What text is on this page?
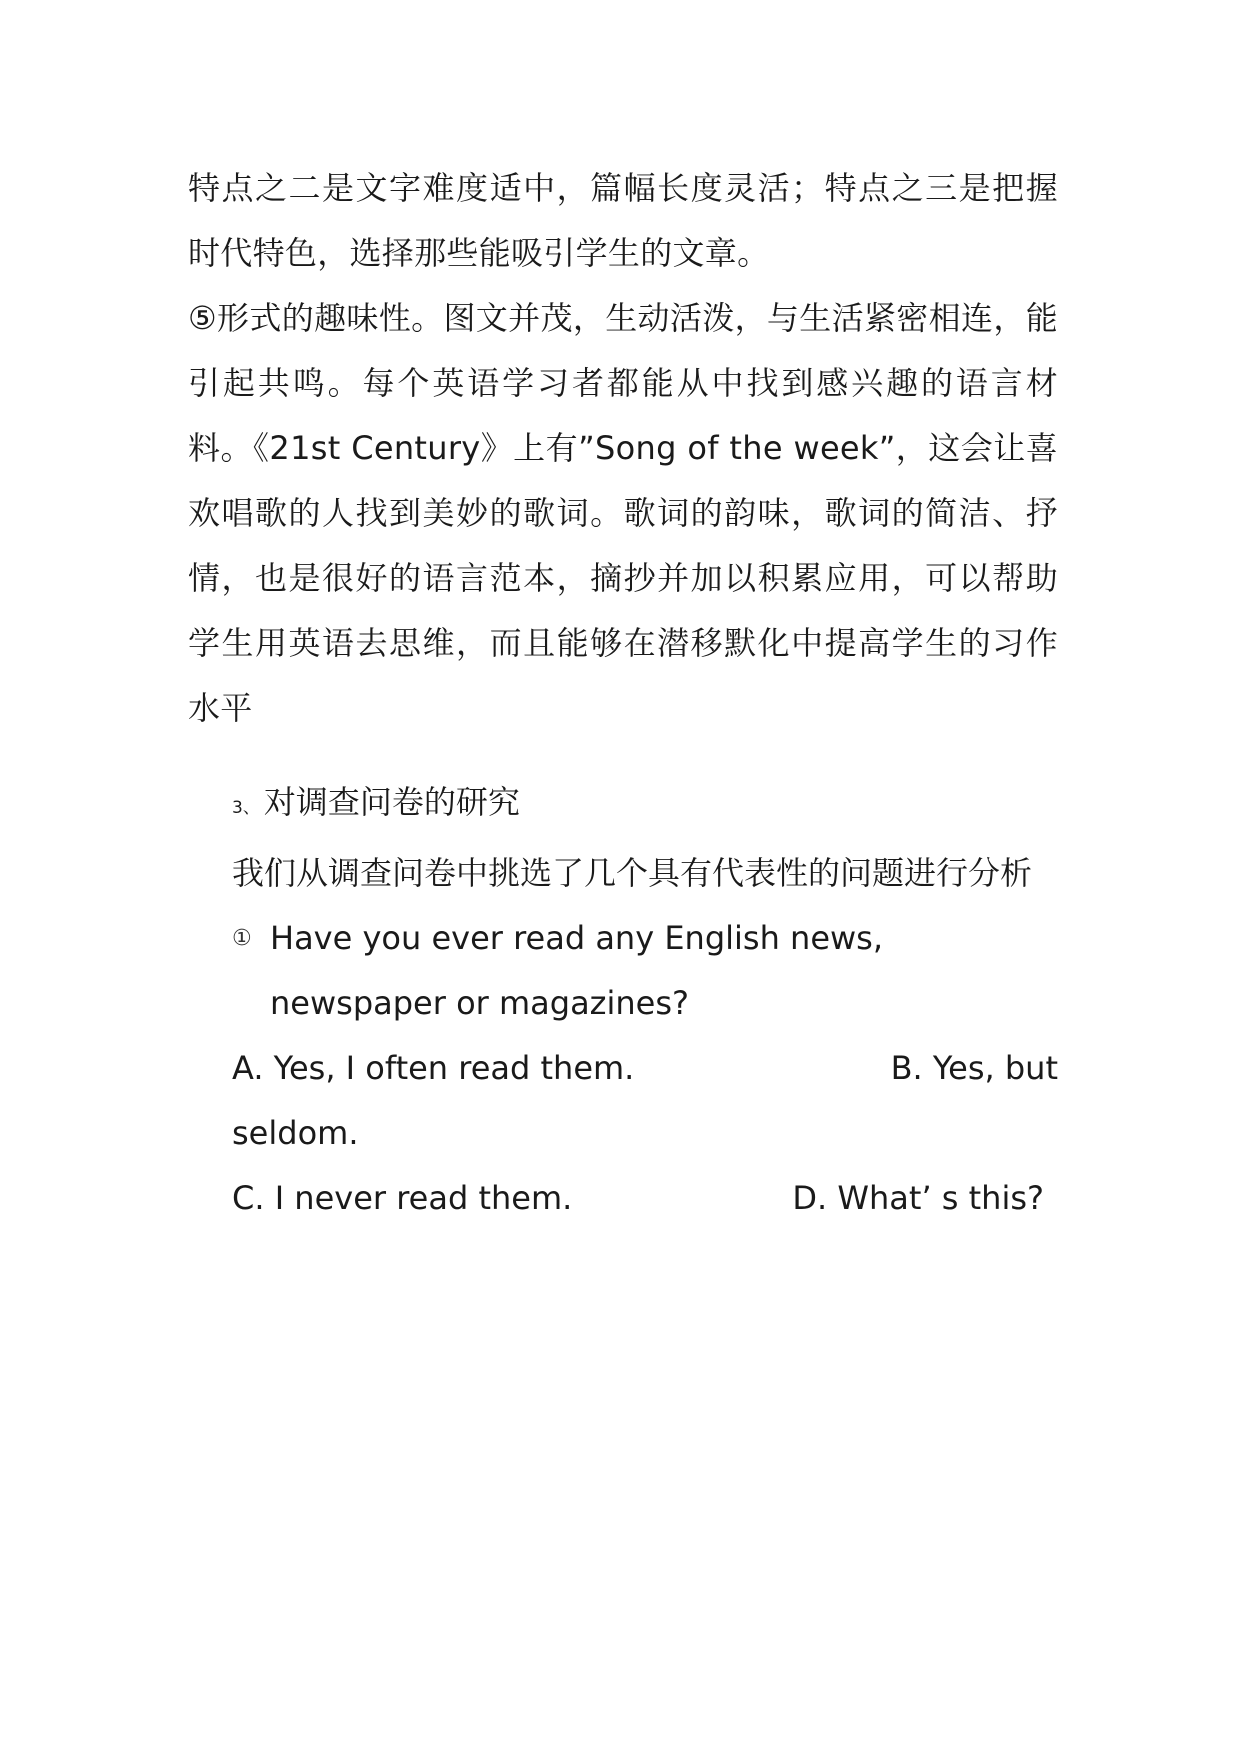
特点之二是文字难度适中，篇幅长度灵活；特点之三是把握时代特色，选择那些能吸引学生的文章。

⑤形式的趣味性。图文并茂，生动活泼，与生活紧密相连，能引起共鸣。每个英语学习者都能从中找到感兴趣的语言材料。《21st Century》上有”Song of the week”，这会让喜欢唱歌的人找到美妙的歌词。歌词的韵味，歌词的简洁、抒情，也是很好的语言范本，摘抄并加以积累应用，可以帮助学生用英语去思维，而且能够在潜移默化中提高学生的习作水平

3、 对调查问卷的研究

我们从调查问卷中挑选了几个具有代表性的问题进行分析

① Have you ever read any English news, newspaper or magazines?

A. Yes, I often read them.	B. Yes, but

seldom.

C. I never read them.	D. What’ s this?
